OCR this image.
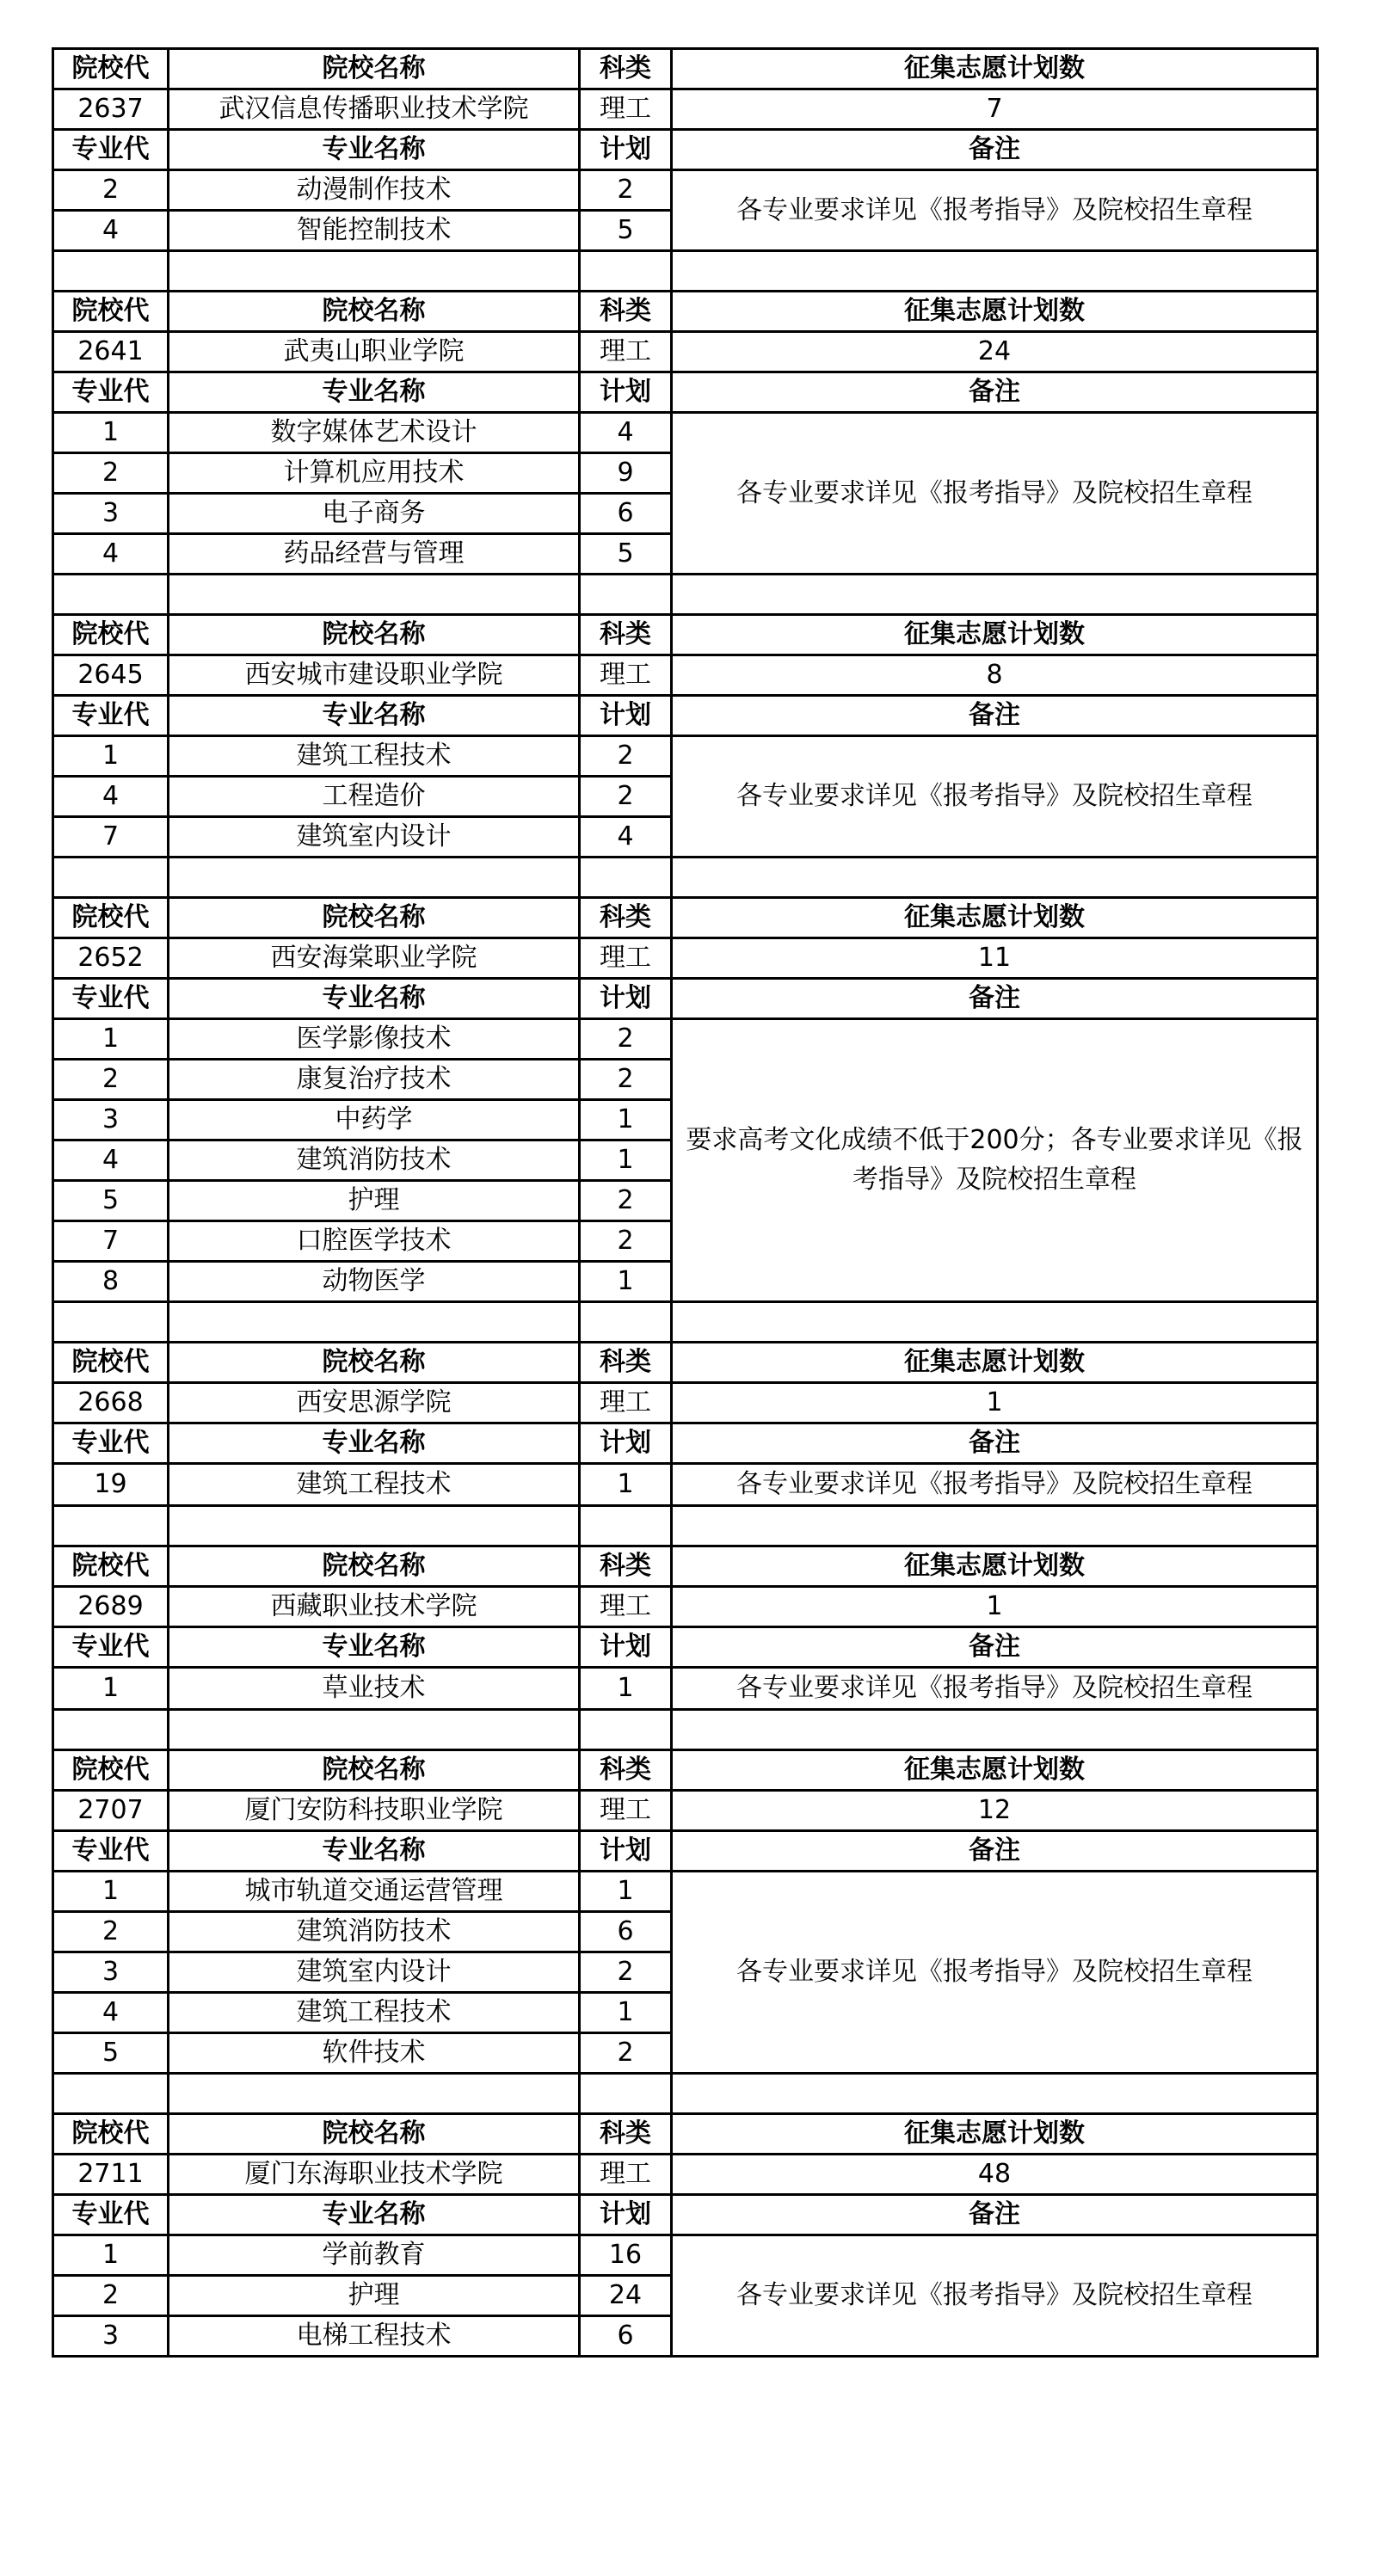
院校代	院校名称	科类	征集志愿计划数
2637	武汉信息传播职业技术学院	理工	7
专业代	专业名称	计划	备注
2	动漫制作技术	2	各专业要求详见《报考指导》及院校招生章程
4	智能控制技术	5	

院校代	院校名称	科类	征集志愿计划数
2641	武夷山职业学院	理工	24
专业代	专业名称	计划	备注
1	数字媒体艺术设计	4	各专业要求详见《报考指导》及院校招生章程
2	计算机应用技术	9	
3	电子商务	6	
4	药品经营与管理	5	

院校代	院校名称	科类	征集志愿计划数
2645	西安城市建设职业学院	理工	8
专业代	专业名称	计划	备注
1	建筑工程技术	2	各专业要求详见《报考指导》及院校招生章程
4	工程造价	2	
7	建筑室内设计	4	

院校代	院校名称	科类	征集志愿计划数
2652	西安海棠职业学院	理工	11
专业代	专业名称	计划	备注
1	医学影像技术	2	要求高考文化成绩不低于200分；各专业要求详见《报考指导》及院校招生章程
2	康复治疗技术	2	
3	中药学	1	
4	建筑消防技术	1	
5	护理	2	
7	口腔医学技术	2	
8	动物医学	1	

院校代	院校名称	科类	征集志愿计划数
2668	西安思源学院	理工	1
专业代	专业名称	计划	备注
19	建筑工程技术	1	各专业要求详见《报考指导》及院校招生章程

院校代	院校名称	科类	征集志愿计划数
2689	西藏职业技术学院	理工	1
专业代	专业名称	计划	备注
1	草业技术	1	各专业要求详见《报考指导》及院校招生章程

院校代	院校名称	科类	征集志愿计划数
2707	厦门安防科技职业学院	理工	12
专业代	专业名称	计划	备注
1	城市轨道交通运营管理	1	各专业要求详见《报考指导》及院校招生章程
2	建筑消防技术	6	
3	建筑室内设计	2	
4	建筑工程技术	1	
5	软件技术	2	

院校代	院校名称	科类	征集志愿计划数
2711	厦门东海职业技术学院	理工	48
专业代	专业名称	计划	备注
1	学前教育	16	各专业要求详见《报考指导》及院校招生章程
2	护理	24	
3	电梯工程技术	6	
